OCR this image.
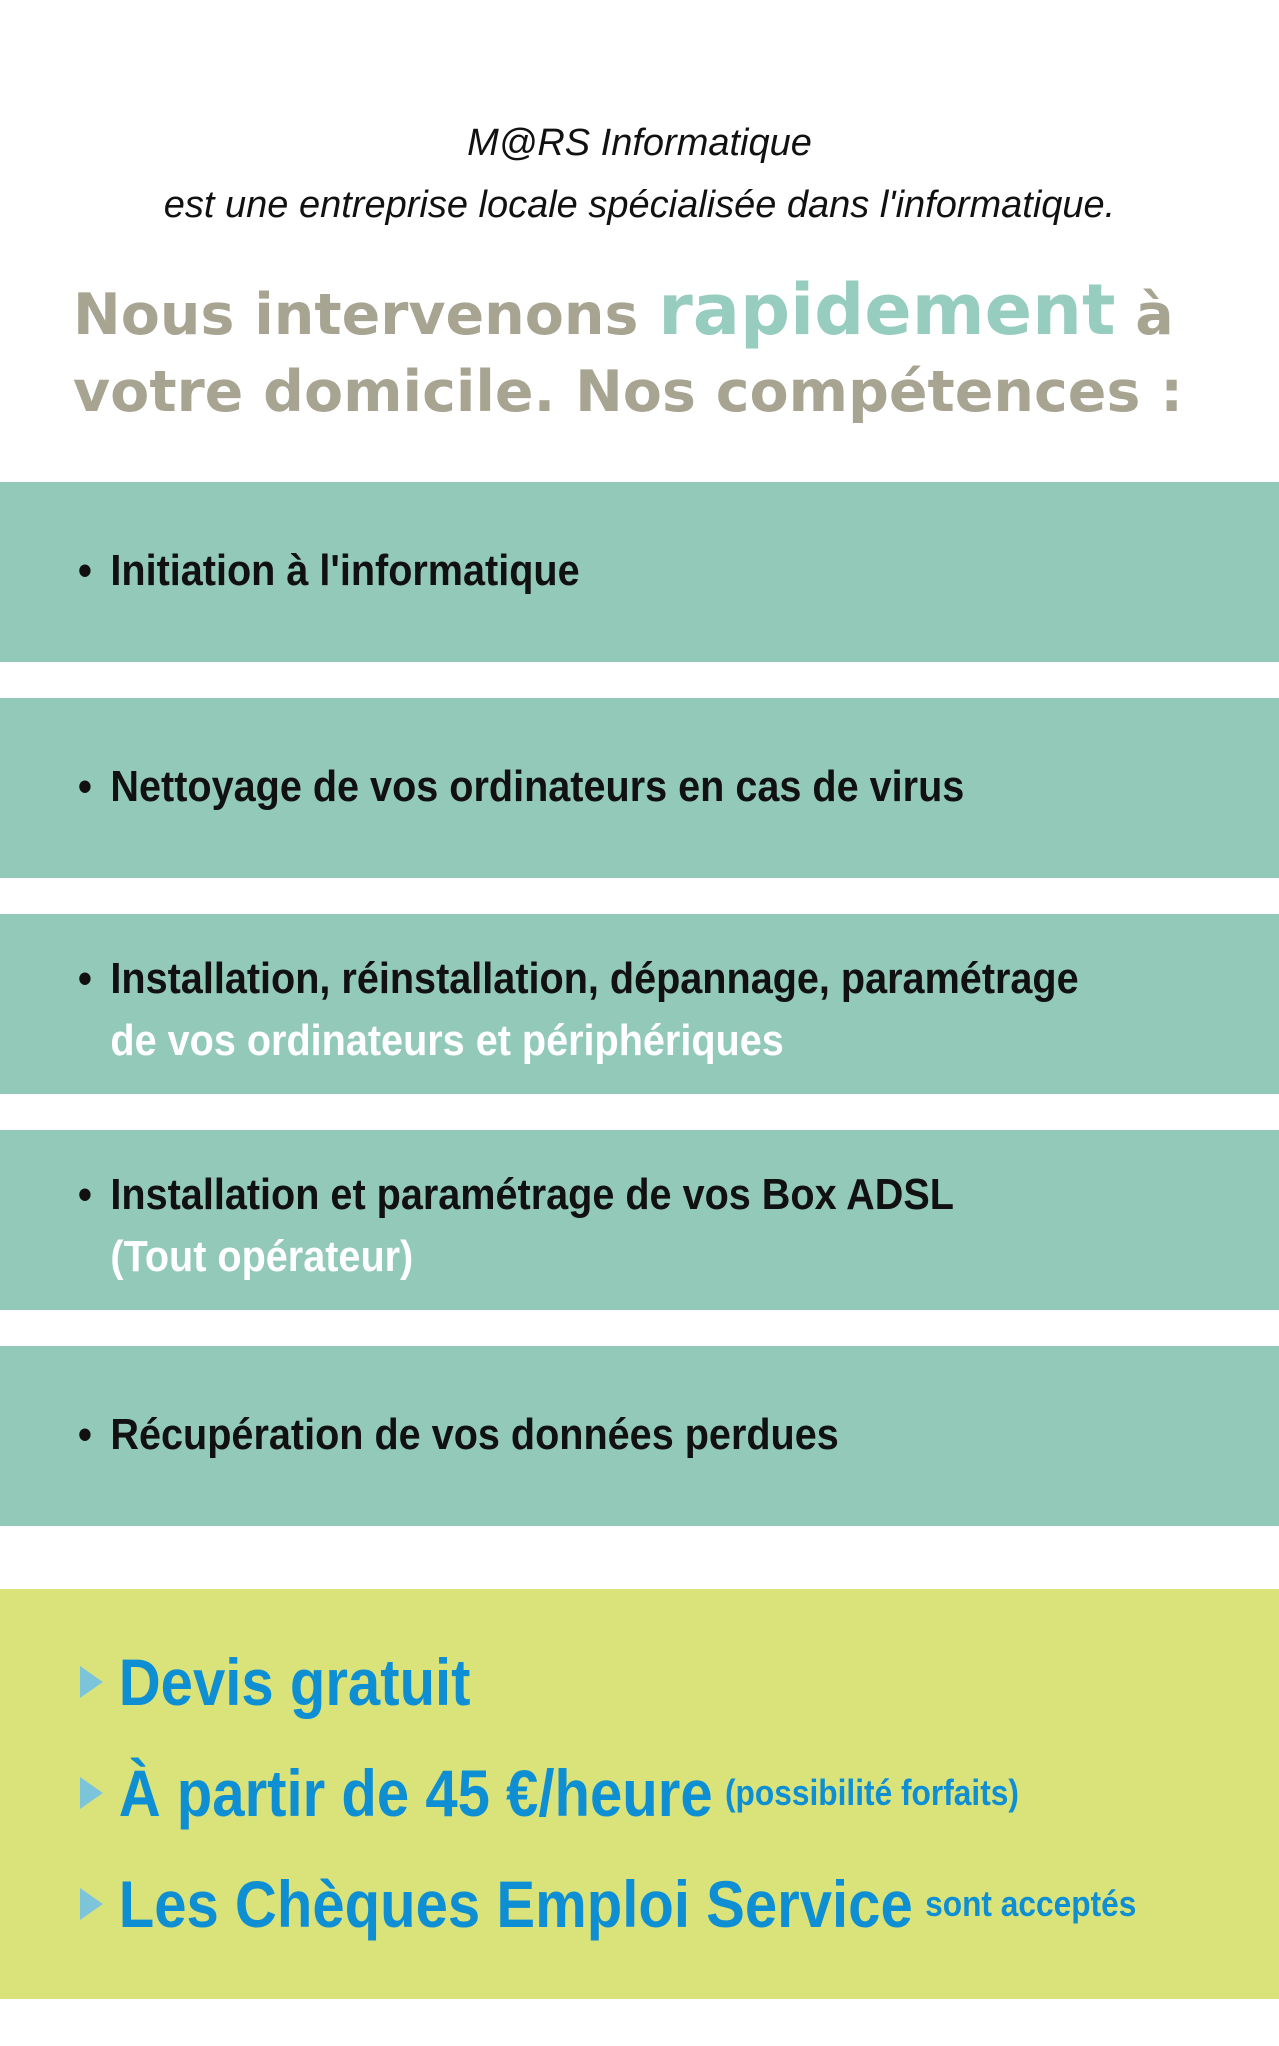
M@RS Informatique
est une entreprise locale spécialisée dans l'informatique.
Nous intervenons rapidement à
votre domicile. Nos compétences :
• Initiation à l'informatique
• Nettoyage de vos ordinateurs en cas de virus
• Installation, réinstallation, dépannage, paramétrage
de vos ordinateurs et périphériques
• Installation et paramétrage de vos Box ADSL
(Tout opérateur)
• Récupération de vos données perdues
Devis gratuit
À partir de 45 €/heure (possibilité forfaits)
Les Chèques Emploi Service sont acceptés
